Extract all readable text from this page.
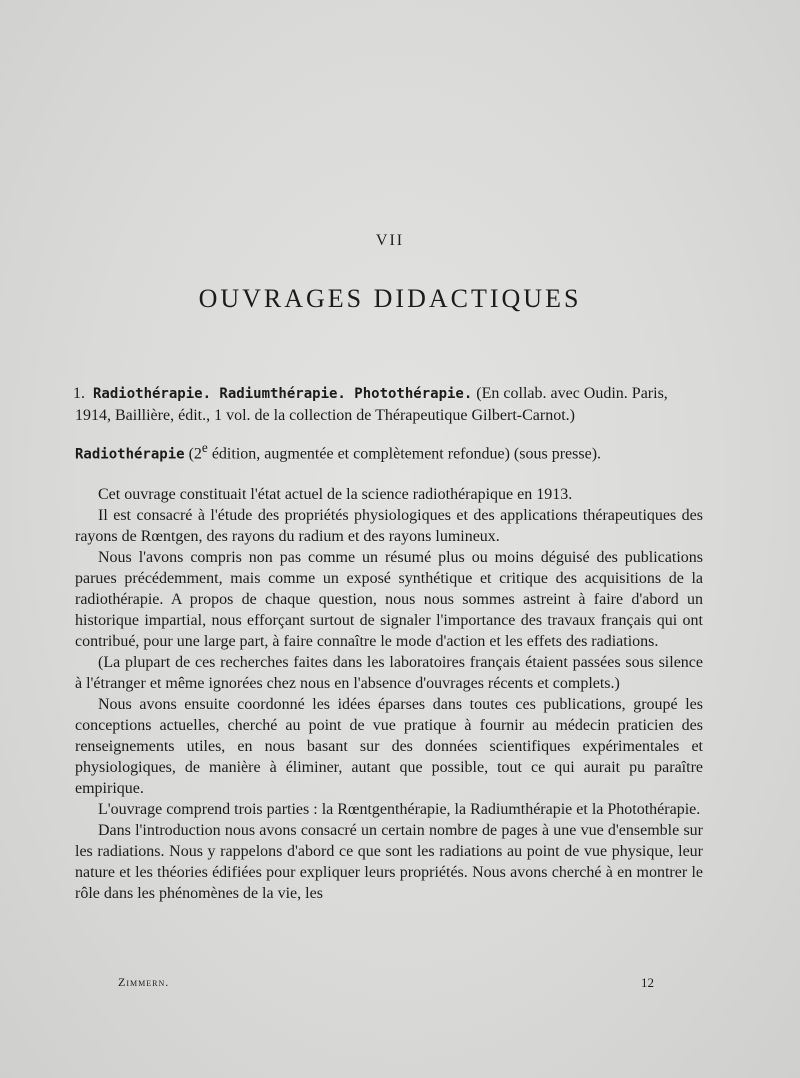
VII
OUVRAGES DIDACTIQUES
1. Radiothérapie. Radiumthérapie. Photothérapie. (En collab. avec Oudin. Paris, 1914, Baillière, édit., 1 vol. de la collection de Thérapeutique Gilbert-Carnot.)
Radiothérapie (2e édition, augmentée et complètement refondue) (sous presse).

Cet ouvrage constituait l'état actuel de la science radiothérapique en 1913.

Il est consacré à l'étude des propriétés physiologiques et des applications thérapeutiques des rayons de Rœntgen, des rayons du radium et des rayons lumineux.

Nous l'avons compris non pas comme un résumé plus ou moins déguisé des publications parues précédemment, mais comme un exposé synthétique et critique des acquisitions de la radiothérapie. A propos de chaque question, nous nous sommes astreint à faire d'abord un historique impartial, nous efforçant surtout de signaler l'importance des travaux français qui ont contribué, pour une large part, à faire connaître le mode d'action et les effets des radiations.

(La plupart de ces recherches faites dans les laboratoires français étaient passées sous silence à l'étranger et même ignorées chez nous en l'absence d'ouvrages récents et complets.)

Nous avons ensuite coordonné les idées éparses dans toutes ces publications, groupé les conceptions actuelles, cherché au point de vue pratique à fournir au médecin praticien des renseignements utiles, en nous basant sur des données scientifiques expérimentales et physiologiques, de manière à éliminer, autant que possible, tout ce qui aurait pu paraître empirique.

L'ouvrage comprend trois parties : la Rœntgenthérapie, la Radiumthérapie et la Photothérapie.

Dans l'introduction nous avons consacré un certain nombre de pages à une vue d'ensemble sur les radiations. Nous y rappelons d'abord ce que sont les radiations au point de vue physique, leur nature et les théories édifiées pour expliquer leurs propriétés. Nous avons cherché à en montrer le rôle dans les phénomènes de la vie, les

Zimmern.	12
